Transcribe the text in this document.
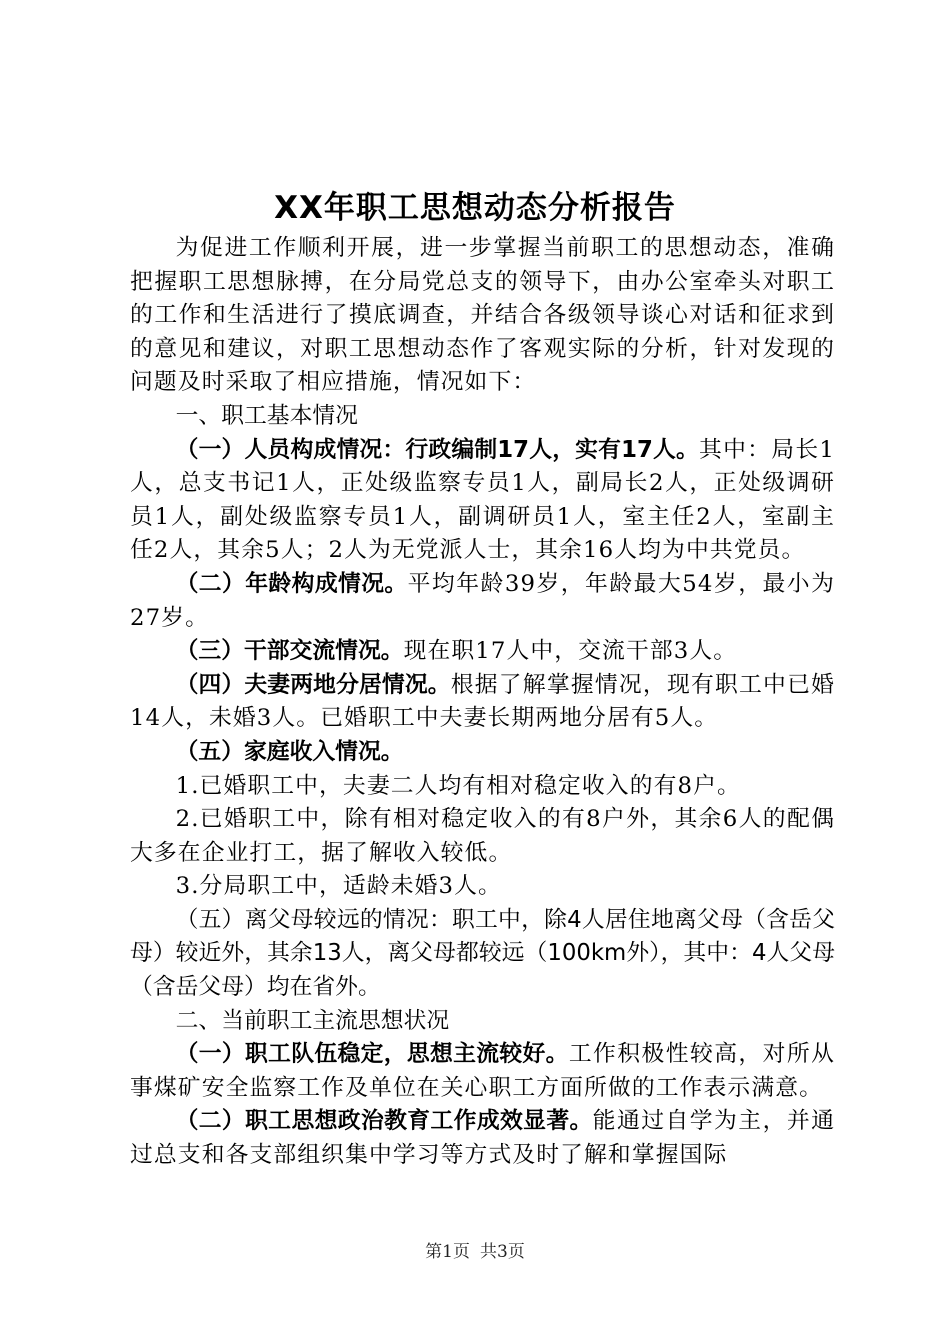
XX年职工思想动态分析报告

为促进工作顺利开展，进一步掌握当前职工的思想动态，准确把握职工思想脉搏，在分局党总支的领导下，由办公室牵头对职工的工作和生活进行了摸底调查，并结合各级领导谈心对话和征求到的意见和建议，对职工思想动态作了客观实际的分析，针对发现的问题及时采取了相应措施，情况如下：

一、职工基本情况

（一）人员构成情况：行政编制17人，实有17人。其中：局长1人，总支书记1人，正处级监察专员1人，副局长2人，正处级调研员1人，副处级监察专员1人，副调研员1人，室主任2人，室副主任2人，其余5人；2人为无党派人士，其余16人均为中共党员。

（二）年龄构成情况。平均年龄39岁，年龄最大54岁，最小为27岁。

（三）干部交流情况。现在职17人中，交流干部3人。

（四）夫妻两地分居情况。根据了解掌握情况，现有职工中已婚14人，未婚3人。已婚职工中夫妻长期两地分居有5人。

（五）家庭收入情况。

1.已婚职工中，夫妻二人均有相对稳定收入的有8户。

2.已婚职工中，除有相对稳定收入的有8户外，其余6人的配偶大多在企业打工，据了解收入较低。

3.分局职工中，适龄未婚3人。

（五）离父母较远的情况：职工中，除4人居住地离父母（含岳父母）较近外，其余13人，离父母都较远（100km外），其中：4人父母（含岳父母）均在省外。

二、当前职工主流思想状况

（一）职工队伍稳定，思想主流较好。工作积极性较高，对所从事煤矿安全监察工作及单位在关心职工方面所做的工作表示满意。

（二）职工思想政治教育工作成效显著。能通过自学为主，并通过总支和各支部组织集中学习等方式及时了解和掌握国际

第1页 共3页
